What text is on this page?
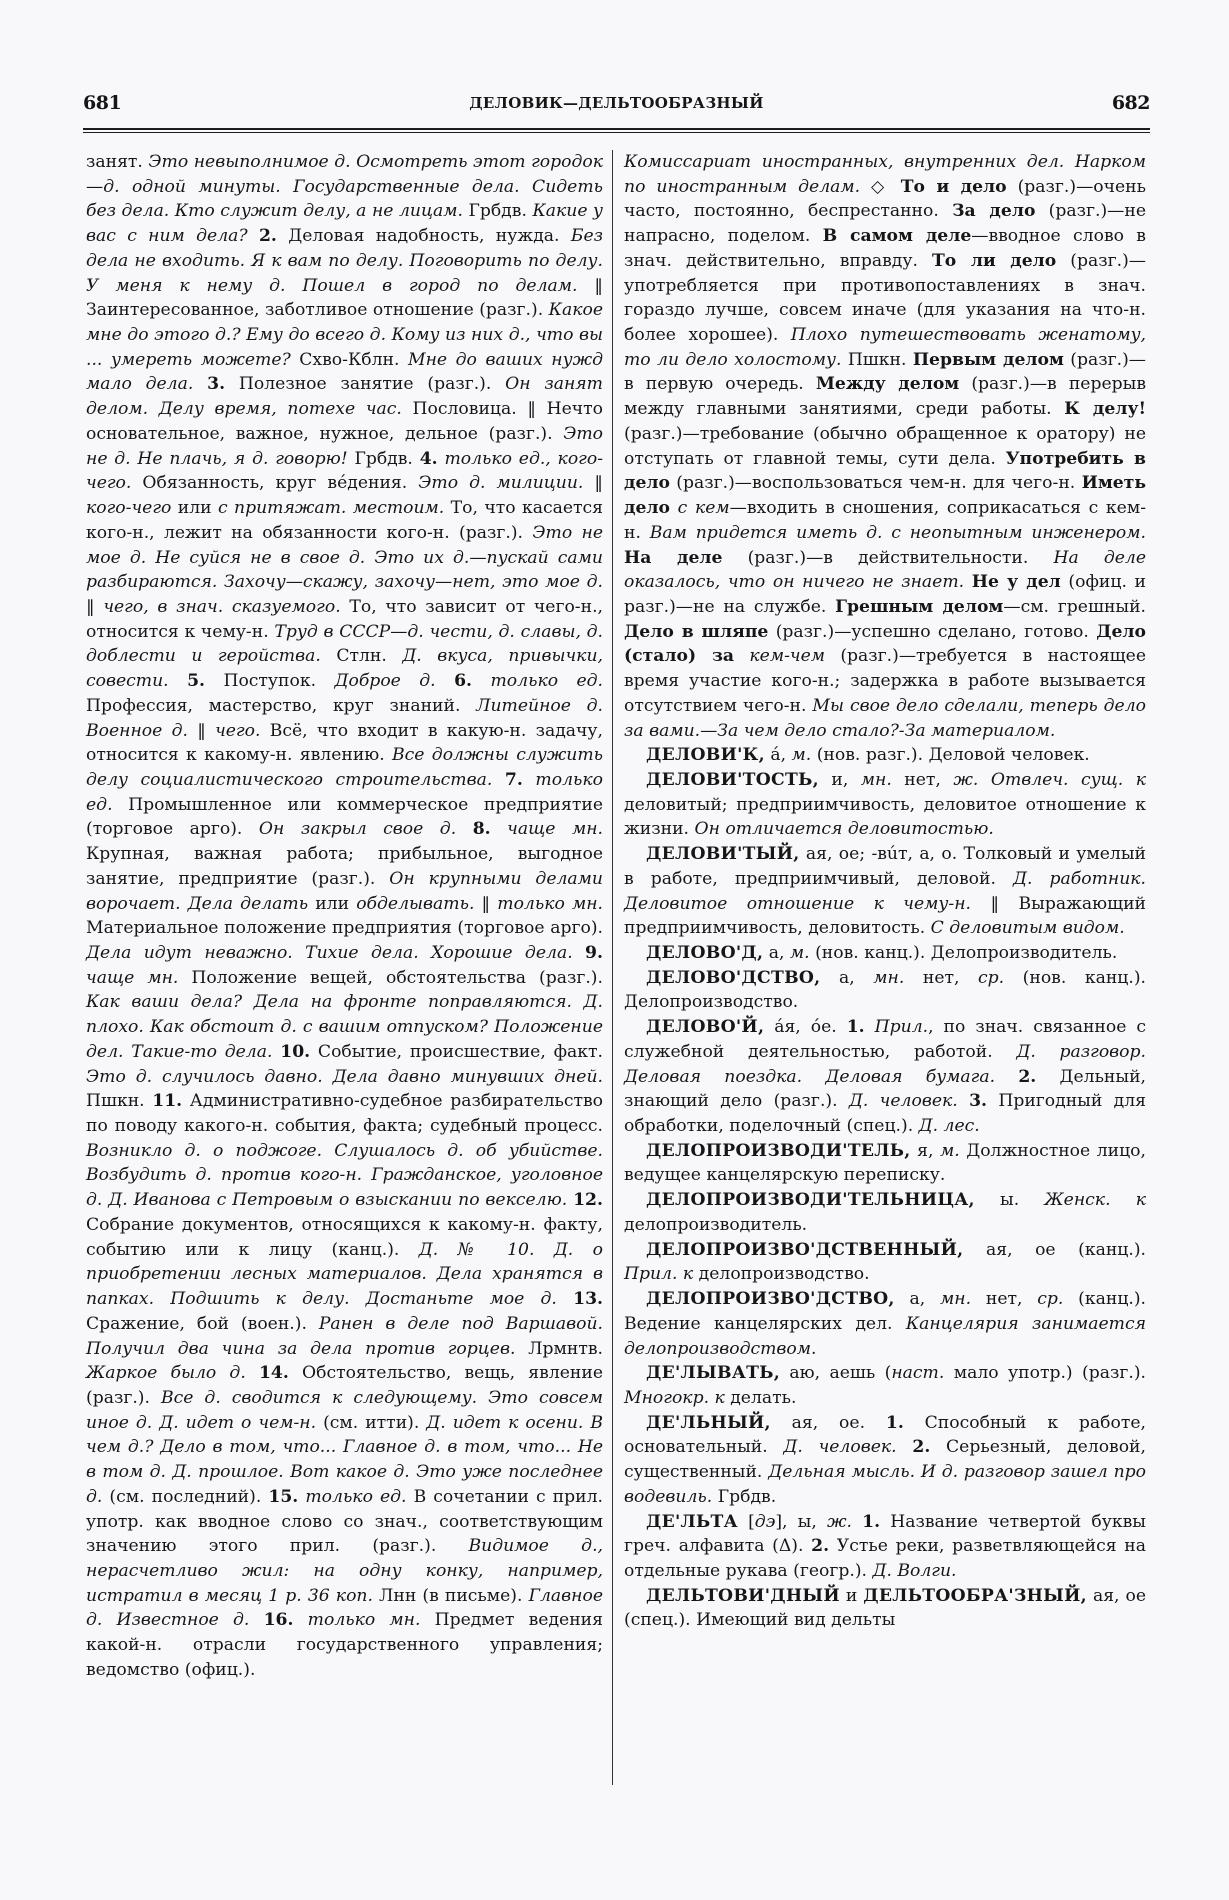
681	ДЕЛОВИК—ДЕЛЬТООБРАЗНЫЙ	682

занят. Это невыполнимое д. Осмотреть этот городок—д. одной минуты. Государственные дела. Сидеть без дела. Кто служит делу, а не лицам. Грбдв. Какие у вас с ним дела? 2. Деловая надобность, нужда. Без дела не входить. Я к вам по делу. Поговорить по делу. У меня к нему д. Пошел в город по делам. ‖ Заинтересованное, заботливое отношение (разг.). Какое мне до этого д.? Ему до всего д. Кому из них д., что вы ... умереть можете? Схво-Кблн. Мне до ваших нужд мало дела. 3. Полезное занятие (разг.). Он занят делом. Делу время, потехе час. Пословица. ‖ Нечто основательное, важное, нужное, дельное (разг.). Это не д. Не плачь, я д. говорю! Грбдв. 4. только ед., кого-чего. Обязанность, круг вéдения. Это д. милиции. ‖ кого-чего или с притяжат. местоим. То, что касается кого-н., лежит на обязанности кого-н. (разг.). Это не мое д. Не суйся не в свое д. Это их д.—пускай сами разбираются. Захочу—скажу, захочу—нет, это мое д. ‖ чего, в знач. сказуемого. То, что зависит от чего-н., относится к чему-н. Труд в СССР—д. чести, д. славы, д. доблести и геройства. Стлн. Д. вкуса, привычки, совести. 5. Поступок. Доброе д. 6. только ед. Профессия, мастерство, круг знаний. Литейное д. Военное д. ‖ чего. Всё, что входит в какую-н. задачу, относится к какому-н. явлению. Все должны служить делу социалистического строительства. 7. только ед. Промышленное или коммерческое предприятие (торговое арго). Он закрыл свое д. 8. чаще мн. Крупная, важная работа; прибыльное, выгодное занятие, предприятие (разг.). Он крупными делами ворочает. Дела делать или обделывать. ‖ только мн. Материальное положение предприятия (торговое арго). Дела идут неважно. Тихие дела. Хорошие дела. 9. чаще мн. Положение вещей, обстоятельства (разг.). Как ваши дела? Дела на фронте поправляются. Д. плохо. Как обстоит д. с вашим отпуском? Положение дел. Такие-то дела. 10. Событие, происшествие, факт. Это д. случилось давно. Дела давно минувших дней. Пшкн. 11. Административно-судебное разбирательство по поводу какого-н. события, факта; судебный процесс. Возникло д. о поджоге. Слушалось д. об убийстве. Возбудить д. против кого-н. Гражданское, уголовное д. Д. Иванова с Петровым о взыскании по векселю. 12. Собрание документов, относящихся к какому-н. факту, событию или к лицу (канц.). Д. № 10. Д. о приобретении лесных материалов. Дела хранятся в папках. Подшить к делу. Достаньте мое д. 13. Сражение, бой (воен.). Ранен в деле под Варшавой. Получил два чина за дела против горцев. Лрмнтв. Жаркое было д. 14. Обстоятельство, вещь, явление (разг.). Все д. сводится к следующему. Это совсем иное д. Д. идет о чем-н. (см. итти). Д. идет к осени. В чем д.? Дело в том, что... Главное д. в том, что... Не в том д. Д. прошлое. Вот какое д. Это уже последнее д. (см. последний). 15. только ед. В сочетании с прил. употр. как вводное слово со знач., соответствующим значению этого прил. (разг.). Видимое д., нерасчетливо жил: на одну конку, например, истратил в месяц 1 р. 36 коп. Лнн (в письме). Главное д. Известное д. 16. только мн. Предмет ведения какой-н. отрасли государственного управления; ведомство (офиц.).

Комиссариат иностранных, внутренних дел. Нарком по иностранным делам. ◇ То и дело (разг.)—очень часто, постоянно, беспрестанно. За дело (разг.)—не напрасно, поделом. В самом деле—вводное слово в знач. действительно, вправду. То ли дело (разг.)—употребляется при противопоставлениях в знач. гораздо лучше, совсем иначе (для указания на что-н. более хорошее). Плохо путешествовать женатому, то ли дело холостому. Пшкн. Первым делом (разг.)—в первую очередь. Между делом (разг.)—в перерыв между главными занятиями, среди работы. К делу! (разг.)—требование (обычно обращенное к оратору) не отступать от главной темы, сути дела. Употребить в дело (разг.)—воспользоваться чем-н. для чего-н. Иметь дело с кем—входить в сношения, соприкасаться с кем-н. Вам придется иметь д. с неопытным инженером. На деле (разг.)—в действительности. На деле оказалось, что он ничего не знает. Не у дел (офиц. и разг.)—не на службе. Грешным делом—см. грешный. Дело в шляпе (разг.)—успешно сделано, готово. Дело (стало) за кем-чем (разг.)—требуется в настоящее время участие кого-н.; задержка в работе вызывается отсутствием чего-н. Мы свое дело сделали, теперь дело за вами.—За чем дело стало?-За материалом.

ДЕЛОВИ'К, á, м. (нов. разг.). Деловой человек.

ДЕЛОВИ'ТОСТЬ, и, мн. нет, ж. Отвлеч. сущ. к деловитый; предприимчивость, деловитое отношение к жизни. Он отличается деловитостью.

ДЕЛОВИ'ТЫЙ, ая, ое; -вúт, а, о. Толковый и умелый в работе, предприимчивый, деловой. Д. работник. Деловитое отношение к чему-н. ‖ Выражающий предприимчивость, деловитость. С деловитым видом.

ДЕЛОВО'Д, а, м. (нов. канц.). Делопроизводитель.

ДЕЛОВО'ДСТВО, а, мн. нет, ср. (нов. канц.). Делопроизводство.

ДЕЛОВО'Й, áя, óе. 1. Прил., по знач. связанное с служебной деятельностью, работой. Д. разговор. Деловая поездка. Деловая бумага. 2. Дельный, знающий дело (разг.). Д. человек. 3. Пригодный для обработки, поделочный (спец.). Д. лес.

ДЕЛОПРОИЗВОДИ'ТЕЛЬ, я, м. Должностное лицо, ведущее канцелярскую переписку.

ДЕЛОПРОИЗВОДИ'ТЕЛЬНИЦА, ы. Женск. к делопроизводитель.

ДЕЛОПРОИЗВО'ДСТВЕННЫЙ, ая, ое (канц.). Прил. к делопроизводство.

ДЕЛОПРОИЗВО'ДСТВО, а, мн. нет, ср. (канц.). Ведение канцелярских дел. Канцелярия занимается делопроизводством.

ДЕ'ЛЫВАТЬ, аю, аешь (наст. мало употр.) (разг.). Многокр. к делать.

ДЕ'ЛЬНЫЙ, ая, ое. 1. Способный к работе, основательный. Д. человек. 2. Серьезный, деловой, существенный. Дельная мысль. И д. разговор зашел про водевиль. Грбдв.

ДЕ'ЛЬТА [дэ], ы, ж. 1. Название четвертой буквы греч. алфавита (Δ). 2. Устье реки, разветвляющейся на отдельные рукава (геогр.). Д. Волги.

ДЕЛЬТОВИ'ДНЫЙ и ДЕЛЬТООБРА'ЗНЫЙ, ая, ое (спец.). Имеющий вид дельты
